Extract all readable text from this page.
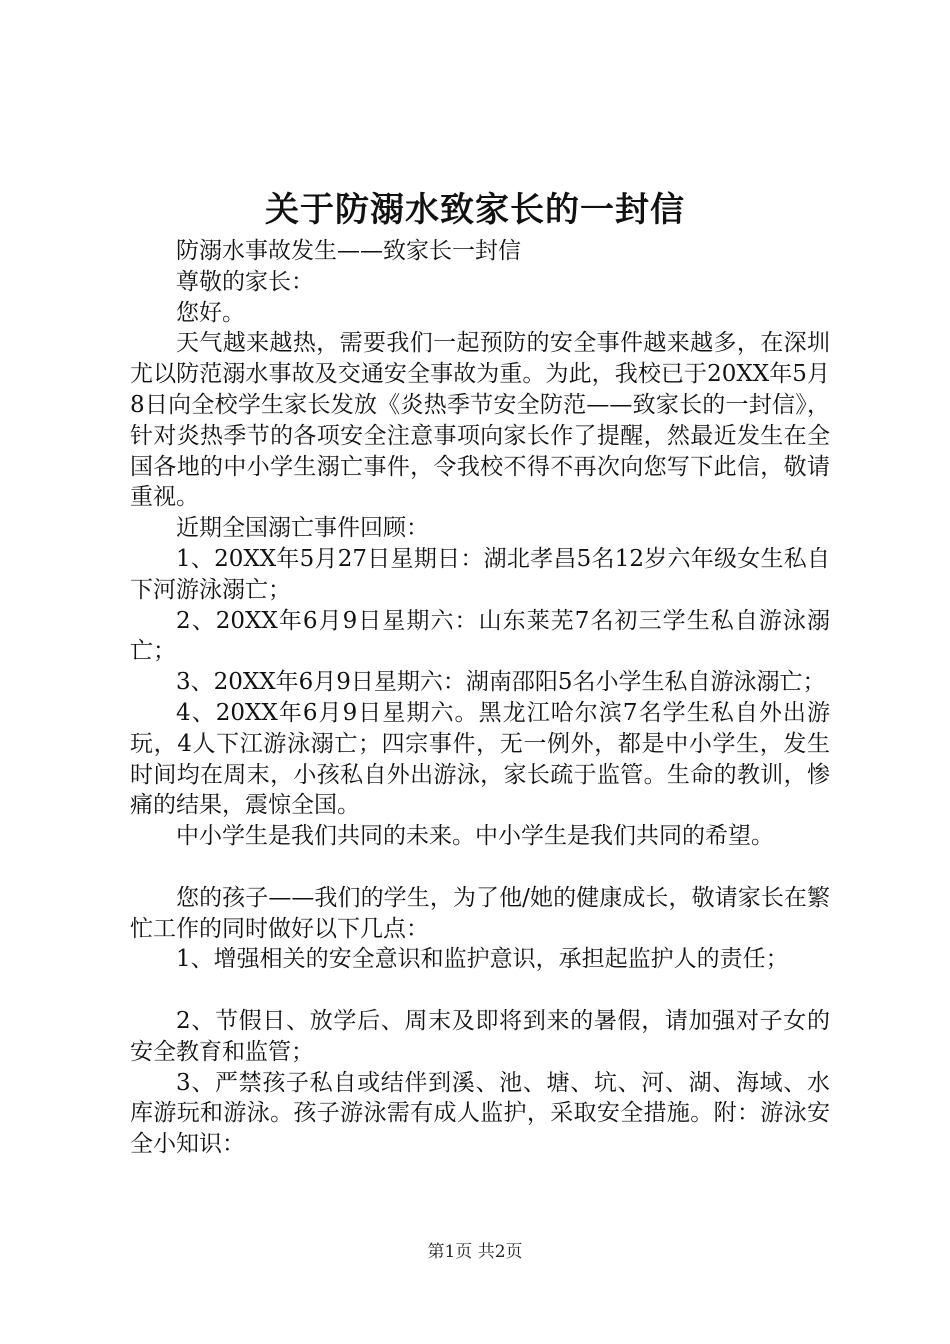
关于防溺水致家长的一封信

防溺水事故发生——致家长一封信

尊敬的家长：

您好。

天气越来越热，需要我们一起预防的安全事件越来越多，在深圳尤以防范溺水事故及交通安全事故为重。为此，我校已于20XX年5月8日向全校学生家长发放《炎热季节安全防范——致家长的一封信》，针对炎热季节的各项安全注意事项向家长作了提醒，然最近发生在全国各地的中小学生溺亡事件，令我校不得不再次向您写下此信，敬请重视。

近期全国溺亡事件回顾：

1、20XX年5月27日星期日：湖北孝昌5名12岁六年级女生私自下河游泳溺亡；

2、20XX年6月9日星期六：山东莱芜7名初三学生私自游泳溺亡；

3、20XX年6月9日星期六：湖南邵阳5名小学生私自游泳溺亡；

4、20XX年6月9日星期六。黑龙江哈尔滨7名学生私自外出游玩，4人下江游泳溺亡；四宗事件，无一例外，都是中小学生，发生时间均在周末，小孩私自外出游泳，家长疏于监管。生命的教训，惨痛的结果，震惊全国。

中小学生是我们共同的未来。中小学生是我们共同的希望。

您的孩子——我们的学生，为了他/她的健康成长，敬请家长在繁忙工作的同时做好以下几点：

1、增强相关的安全意识和监护意识，承担起监护人的责任；

2、节假日、放学后、周末及即将到来的暑假，请加强对子女的安全教育和监管；

3、严禁孩子私自或结伴到溪、池、塘、坑、河、湖、海域、水库游玩和游泳。孩子游泳需有成人监护，采取安全措施。附：游泳安全小知识：

第1页 共2页
